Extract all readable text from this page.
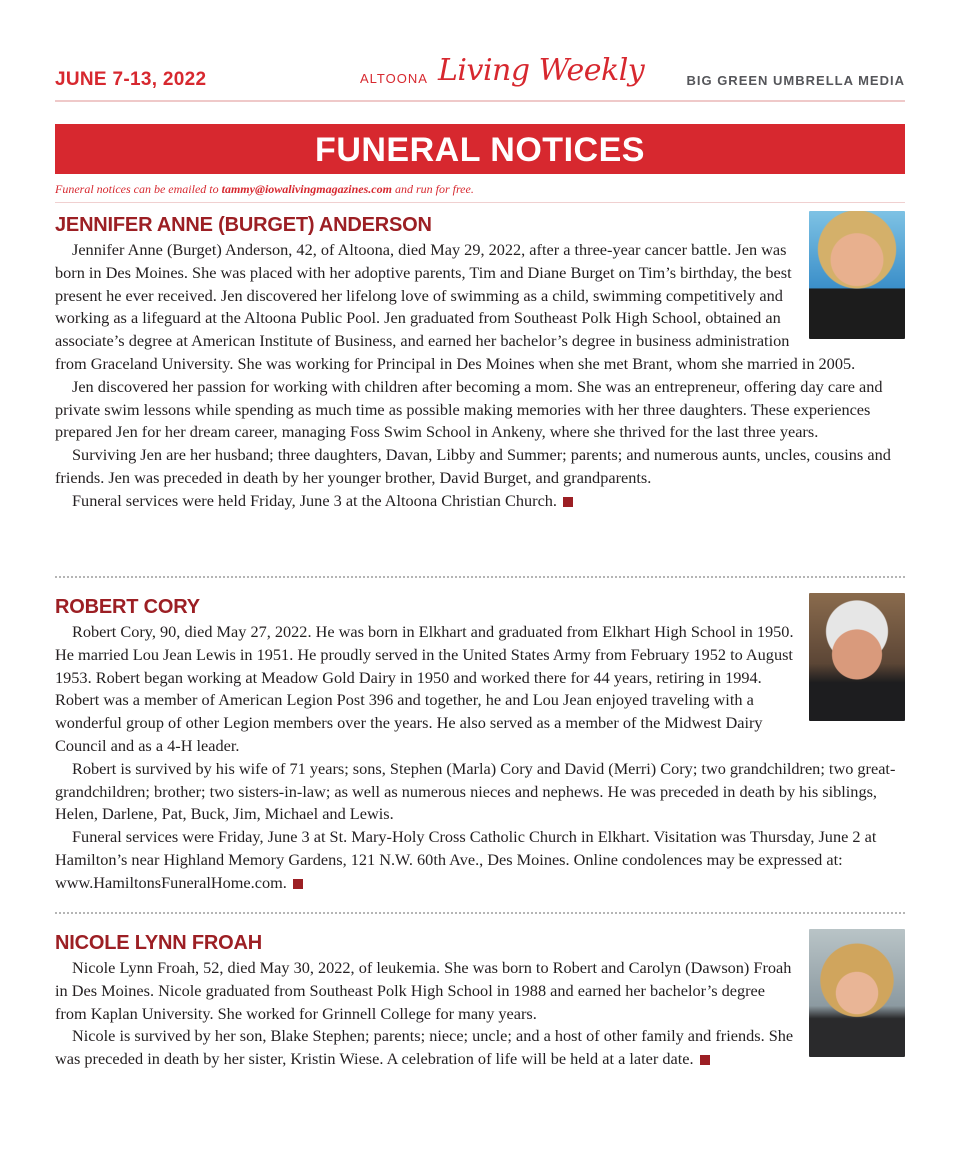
JUNE 7-13, 2022	ALTOONA Living Weekly	BIG GREEN UMBRELLA MEDIA
FUNERAL NOTICES
Funeral notices can be emailed to tammy@iowalivingmagazines.com and run for free.
JENNIFER ANNE (BURGET) ANDERSON

Jennifer Anne (Burget) Anderson, 42, of Altoona, died May 29, 2022, after a three-year cancer battle. Jen was born in Des Moines. She was placed with her adoptive parents, Tim and Diane Burget on Tim’s birthday, the best present he ever received. Jen discovered her lifelong love of swimming as a child, swimming competitively and working as a lifeguard at the Altoona Public Pool. Jen graduated from Southeast Polk High School, obtained an associate’s degree at American Institute of Business, and earned her bachelor’s degree in business administration from Graceland University. She was working for Principal in Des Moines when she met Brant, whom she married in 2005.

Jen discovered her passion for working with children after becoming a mom. She was an entrepreneur, offering day care and private swim lessons while spending as much time as possible making memories with her three daughters. These experiences prepared Jen for her dream career, managing Foss Swim School in Ankeny, where she thrived for the last three years.

Surviving Jen are her husband; three daughters, Davan, Libby and Summer; parents; and numerous aunts, uncles, cousins and friends. Jen was preceded in death by her younger brother, David Burget, and grandparents.

Funeral services were held Friday, June 3 at the Altoona Christian Church.

ROBERT CORY

Robert Cory, 90, died May 27, 2022. He was born in Elkhart and graduated from Elkhart High School in 1950. He married Lou Jean Lewis in 1951. He proudly served in the United States Army from February 1952 to August 1953. Robert began working at Meadow Gold Dairy in 1950 and worked there for 44 years, retiring in 1994. Robert was a member of American Legion Post 396 and together, he and Lou Jean enjoyed traveling with a wonderful group of other Legion members over the years. He also served as a member of the Midwest Dairy Council and as a 4-H leader.

Robert is survived by his wife of 71 years; sons, Stephen (Marla) Cory and David (Merri) Cory; two grandchildren; two great-grandchildren; brother; two sisters-in-law; as well as numerous nieces and nephews. He was preceded in death by his siblings, Helen, Darlene, Pat, Buck, Jim, Michael and Lewis.

Funeral services were Friday, June 3 at St. Mary-Holy Cross Catholic Church in Elkhart. Visitation was Thursday, June 2 at Hamilton’s near Highland Memory Gardens, 121 N.W. 60th Ave., Des Moines. Online condolences may be expressed at: www.HamiltonsFuneralHome.com.

NICOLE LYNN FROAH

Nicole Lynn Froah, 52, died May 30, 2022, of leukemia. She was born to Robert and Carolyn (Dawson) Froah in Des Moines. Nicole graduated from Southeast Polk High School in 1988 and earned her bachelor’s degree from Kaplan University. She worked for Grinnell College for many years.

Nicole is survived by her son, Blake Stephen; parents; niece; uncle; and a host of other family and friends. She was preceded in death by her sister, Kristin Wiese. A celebration of life will be held at a later date.
